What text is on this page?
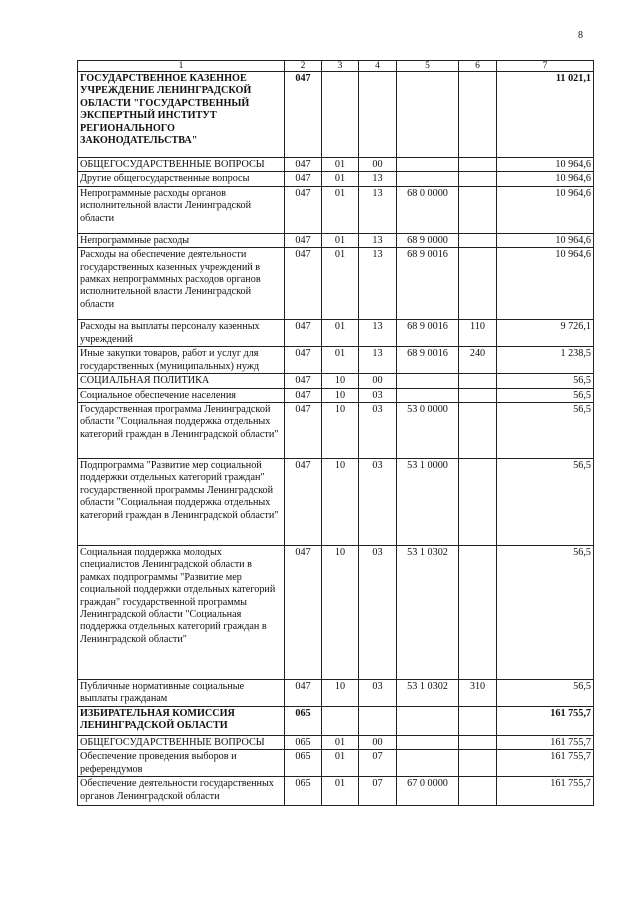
8
1	2	3	4	5	6	7
ГОСУДАРСТВЕННОЕ КАЗЕННОЕ УЧРЕЖДЕНИЕ ЛЕНИНГРАДСКОЙ ОБЛАСТИ "ГОСУДАРСТВЕННЫЙ ЭКСПЕРТНЫЙ ИНСТИТУТ РЕГИОНАЛЬНОГО ЗАКОНОДАТЕЛЬСТВА"	047					11 021,1
ОБЩЕГОСУДАРСТВЕННЫЕ ВОПРОСЫ	047	01	00			10 964,6
Другие общегосударственные вопросы	047	01	13			10 964,6
Непрограммные расходы органов исполнительной власти Ленинградской области	047	01	13	68 0 0000		10 964,6
Непрограммные расходы	047	01	13	68 9 0000		10 964,6
Расходы на обеспечение деятельности государственных казенных учреждений в рамках непрограммных расходов органов исполнительной власти Ленинградской области	047	01	13	68 9 0016		10 964,6
Расходы на выплаты персоналу казенных учреждений	047	01	13	68 9 0016	110	9 726,1
Иные закупки товаров, работ и услуг для государственных (муниципальных) нужд	047	01	13	68 9 0016	240	1 238,5
СОЦИАЛЬНАЯ ПОЛИТИКА	047	10	00			56,5
Социальное обеспечение населения	047	10	03			56,5
Государственная программа Ленинградской области "Социальная поддержка отдельных категорий граждан в Ленинградской области"	047	10	03	53 0 0000		56,5
Подпрограмма "Развитие мер социальной поддержки отдельных категорий граждан" государственной программы Ленинградской области "Социальная поддержка отдельных категорий граждан в Ленинградской области"	047	10	03	53 1 0000		56,5
Социальная поддержка молодых специалистов Ленинградской области в рамках подпрограммы "Развитие мер социальной поддержки отдельных категорий граждан" государственной программы Ленинградской области "Социальная поддержка отдельных категорий граждан в Ленинградской области"	047	10	03	53 1 0302		56,5
Публичные нормативные социальные выплаты гражданам	047	10	03	53 1 0302	310	56,5
ИЗБИРАТЕЛЬНАЯ КОМИССИЯ ЛЕНИНГРАДСКОЙ ОБЛАСТИ	065					161 755,7
ОБЩЕГОСУДАРСТВЕННЫЕ ВОПРОСЫ	065	01	00			161 755,7
Обеспечение проведения выборов и референдумов	065	01	07			161 755,7
Обеспечение деятельности государственных органов Ленинградской области	065	01	07	67 0 0000		161 755,7
